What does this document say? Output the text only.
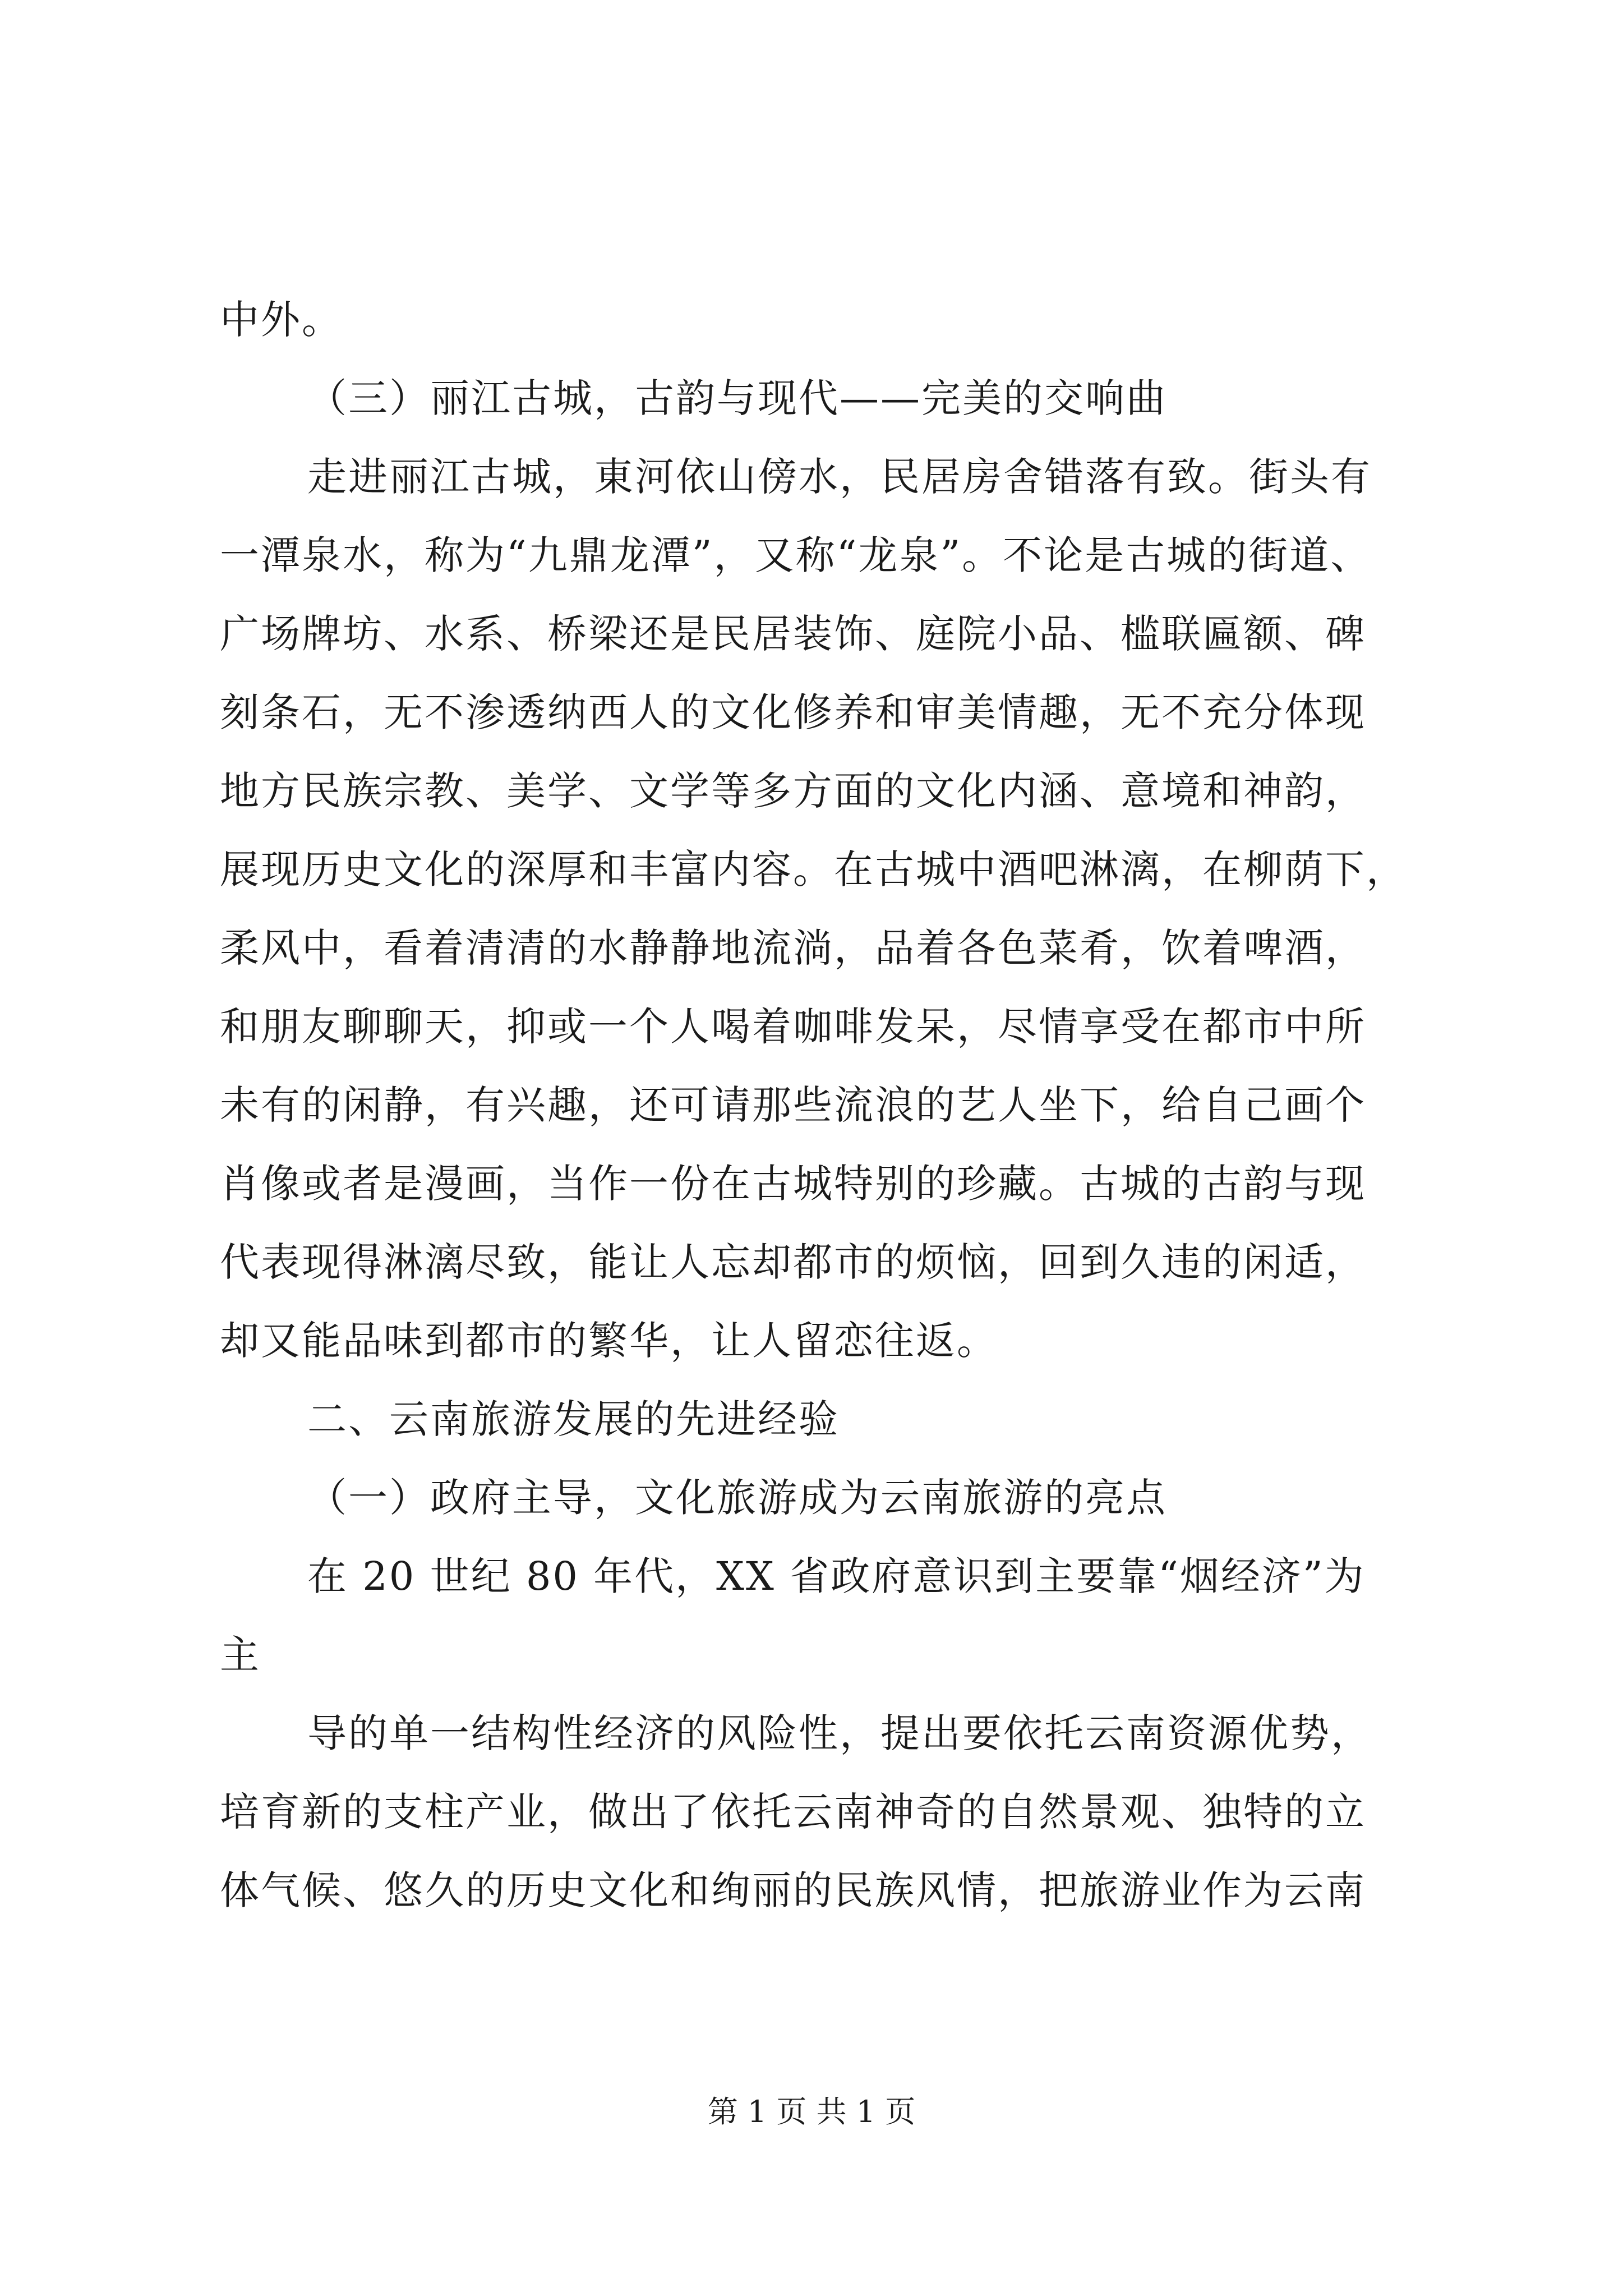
中外。
（三）丽江古城，古韵与现代——完美的交响曲
走进丽江古城，東河依山傍水，民居房舍错落有致。街头有
一潭泉水，称为“九鼎龙潭”，又称“龙泉”。不论是古城的街道、
广场牌坊、水系、桥梁还是民居装饰、庭院小品、槛联匾额、碑
刻条石，无不渗透纳西人的文化修养和审美情趣，无不充分体现
地方民族宗教、美学、文学等多方面的文化内涵、意境和神韵，
展现历史文化的深厚和丰富内容。在古城中酒吧淋漓，在柳荫下，
柔风中，看着清清的水静静地流淌，品着各色菜肴，饮着啤酒，
和朋友聊聊天，抑或一个人喝着咖啡发呆，尽情享受在都市中所
未有的闲静，有兴趣，还可请那些流浪的艺人坐下，给自己画个
肖像或者是漫画，当作一份在古城特别的珍藏。古城的古韵与现
代表现得淋漓尽致，能让人忘却都市的烦恼，回到久违的闲适，
却又能品味到都市的繁华，让人留恋往返。
二、云南旅游发展的先进经验
（一）政府主导，文化旅游成为云南旅游的亮点
在 20 世纪 80 年代，XX 省政府意识到主要靠“烟经济”为
主
导的单一结构性经济的风险性，提出要依托云南资源优势，
培育新的支柱产业，做出了依托云南神奇的自然景观、独特的立
体气候、悠久的历史文化和绚丽的民族风情，把旅游业作为云南
第 1 页 共 1 页
